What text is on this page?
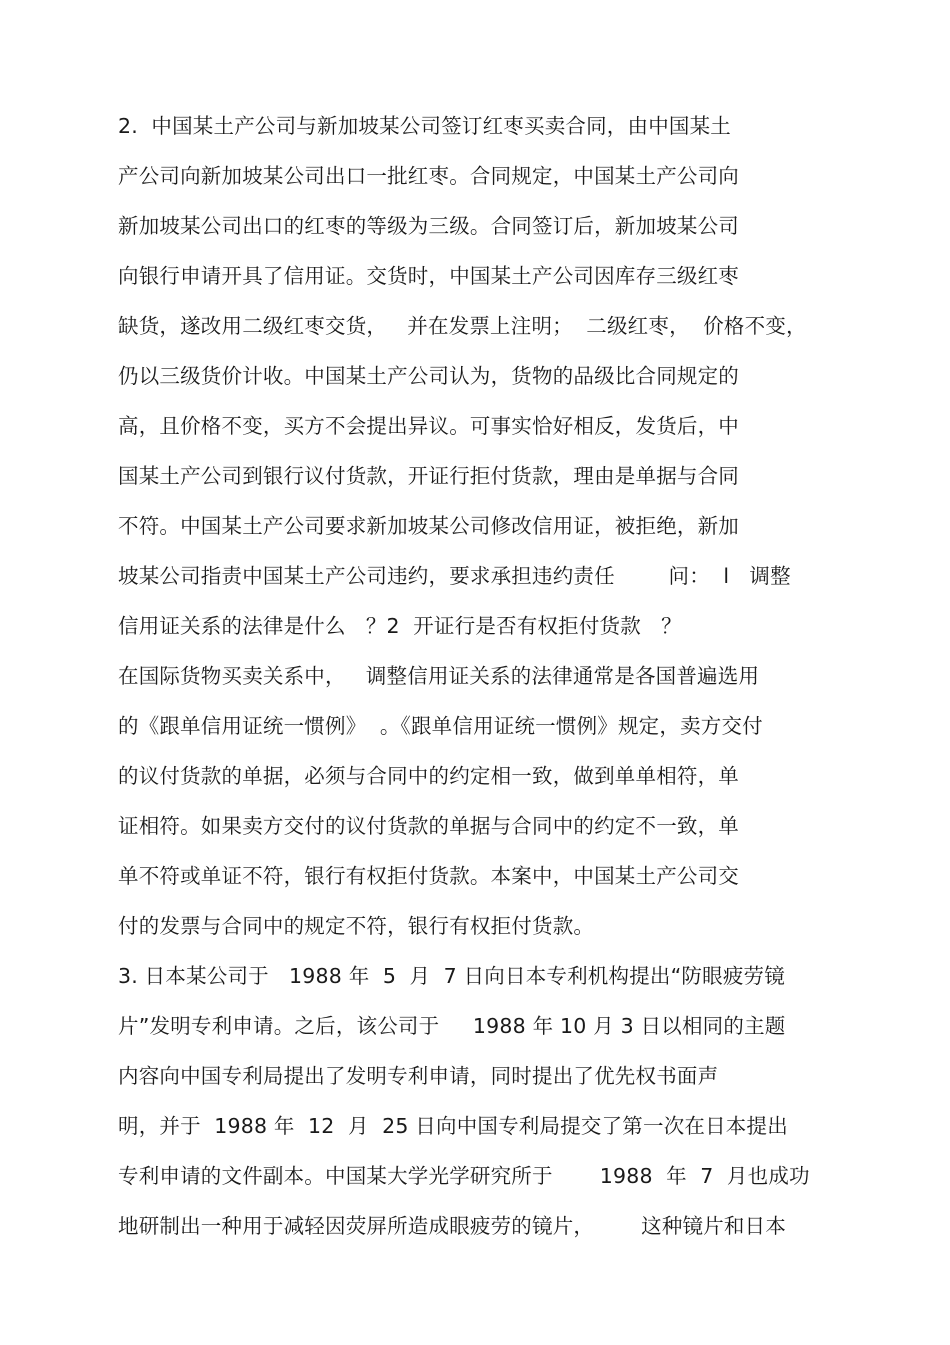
2.  中国某土产公司与新加坡某公司签订红枣买卖合同，由中国某土
产公司向新加坡某公司出口一批红枣。合同规定，中国某土产公司向
新加坡某公司出口的红枣的等级为三级。合同签订后，新加坡某公司
向银行申请开具了信用证。交货时，中国某土产公司因库存三级红枣
缺货，遂改用二级红枣交货，   并在发票上注明；  二级红枣，  价格不变，
仍以三级货价计收。中国某土产公司认为，货物的品级比合同规定的
高，且价格不变，买方不会提出异议。可事实恰好相反，发货后，中
国某土产公司到银行议付货款，开证行拒付货款，理由是单据与合同
不符。中国某土产公司要求新加坡某公司修改信用证，被拒绝，新加
坡某公司指责中国某土产公司违约，要求承担违约责任        问：  l   调整
信用证关系的法律是什么   ？2  开证行是否有权拒付货款   ？
在国际货物买卖关系中，   调整信用证关系的法律通常是各国普遍选用
的《跟单信用证统一惯例》  。《跟单信用证统一惯例》规定，卖方交付
的议付货款的单据，必须与合同中的约定相一致，做到单单相符，单
证相符。如果卖方交付的议付货款的单据与合同中的约定不一致，单
单不符或单证不符，银行有权拒付货款。本案中，中国某土产公司交
付的发票与合同中的规定不符，银行有权拒付货款。
3. 日本某公司于   1988 年  5  月  7 日向日本专利机构提出“防眼疲劳镜
片”发明专利申请。之后，该公司于     1988 年 10 月 3 日以相同的主题
内容向中国专利局提出了发明专利申请，同时提出了优先权书面声
明，并于  1988 年  12  月  25 日向中国专利局提交了第一次在日本提出
专利申请的文件副本。中国某大学光学研究所于       1988  年  7  月也成功
地研制出一种用于减轻因荧屏所造成眼疲劳的镜片，       这种镜片和日本
